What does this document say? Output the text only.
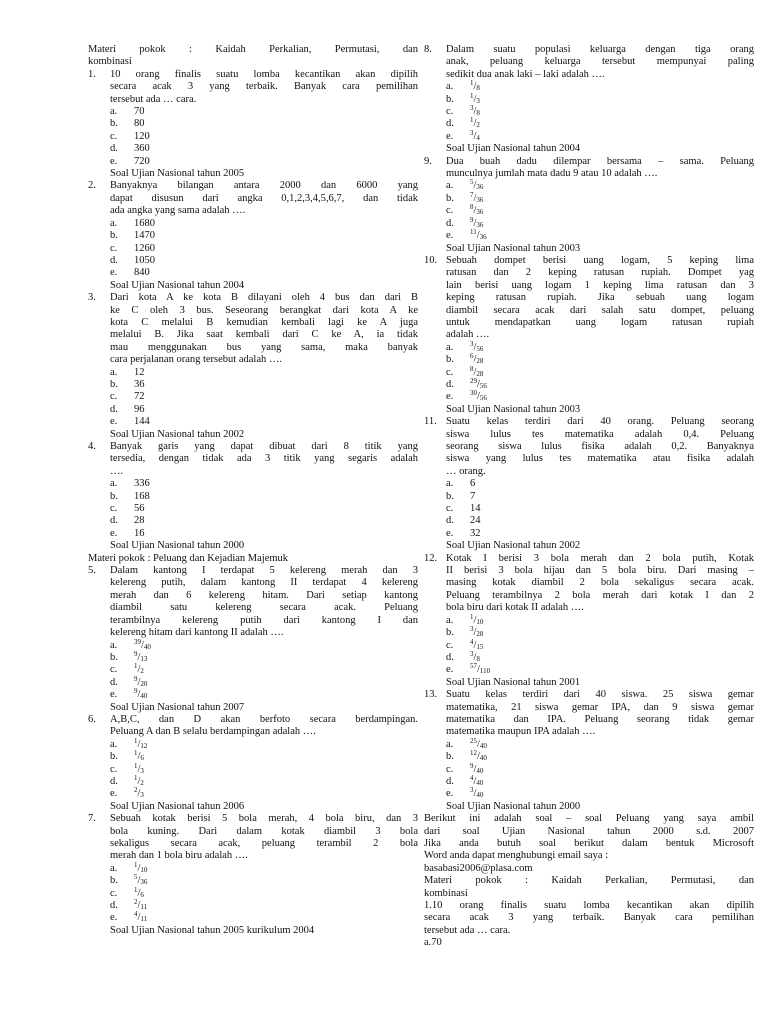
Materi pokok : Kaidah Perkalian, Permutasi, dan
kombinasi
1. 10 orang finalis suatu lomba kecantikan akan dipilih
secara acak 3 yang terbaik. Banyak cara pemilihan
tersebut ada … cara.
a. 70
b. 80
c. 120
d. 360
e. 720
Soal Ujian Nasional tahun 2005
2. Banyaknya bilangan antara 2000 dan 6000 yang
dapat disusun dari angka 0,1,2,3,4,5,6,7, dan tidak
ada angka yang sama adalah ….
a. 1680
b. 1470
c. 1260
d. 1050
e. 840
Soal Ujian Nasional tahun 2004
3. Dari kota A ke kota B dilayani oleh 4 bus dan dari B
ke C oleh 3 bus. Seseorang berangkat dari kota A ke
kota C melalui B kemudian kembali lagi ke A juga
melalui B. Jika saat kembali dari C ke A, ia tidak
mau menggunakan bus yang sama, maka banyak
cara perjalanan orang tersebut adalah ….
a. 12
b. 36
c. 72
d. 96
e. 144
Soal Ujian Nasional tahun 2002
4. Banyak garis yang dapat dibuat dari 8 titik yang
tersedia, dengan tidak ada 3 titik yang segaris adalah
….
a. 336
b. 168
c. 56
d. 28
e. 16
Soal Ujian Nasional tahun 2000
Materi pokok : Peluang dan Kejadian Majemuk
5. Dalam kantong I terdapat 5 kelereng merah dan 3
kelereng putih, dalam kantong II terdapat 4 kelereng
merah dan 6 kelereng hitam. Dari setiap kantong
diambil satu kelereng secara acak. Peluang
terambilnya kelereng putih dari kantong I dan
kelereng hitam dari kantong II adalah ….
a. $^{39}/_{40}$
b. $^9/_{13}$
c. $^1/_2$
d. $^9/_{20}$
e. $^9/_{40}$
Soal Ujian Nasional tahun 2007
6. A,B,C, dan D akan berfoto secara berdampingan.
Peluang A dan B selalu berdampingan adalah ….
a. $^1/_{12}$
b. $^1/_6$
c. $^1/_3$
d. $^1/_2$
e. $^2/_3$
Soal Ujian Nasional tahun 2006
7. Sebuah kotak berisi 5 bola merah, 4 bola biru, dan 3
bola kuning. Dari dalam kotak diambil 3 bola
sekaligus secara acak, peluang terambil 2 bola
merah dan 1 bola biru adalah ….
a. $^1/_{10}$
b. $^5/_{36}$
c. $^1/_6$
d. $^2/_{11}$
e. $^4/_{11}$
Soal Ujian Nasional tahun 2005 kurikulum 2004
8. Dalam suatu populasi keluarga dengan tiga orang
anak, peluang keluarga tersebut mempunyai paling
sedikit dua anak laki – laki adalah ….
a. $^1/_8$
b. $^1/_3$
c. $^3/_8$
d. $^1/_2$
e. $^3/_4$
Soal Ujian Nasional tahun 2004
9. Dua buah dadu dilempar bersama – sama. Peluang
munculnya jumlah mata dadu 9 atau 10 adalah ….
a. $^5/_{36}$
b. $^7/_{36}$
c. $^8/_{36}$
d. $^9/_{36}$
e. $^{11}/_{36}$
Soal Ujian Nasional tahun 2003
10. Sebuah dompet berisi uang logam, 5 keping lima
ratusan dan 2 keping ratusan rupiah. Dompet yag
lain berisi uang logam 1 keping lima ratusan dan 3
keping ratusan rupiah. Jika sebuah uang logam
diambil secara acak dari salah satu dompet, peluang
untuk mendapatkan uang logam ratusan rupiah
adalah ….
a. $^3/_{56}$
b. $^6/_{28}$
c. $^8/_{28}$
d. $^{29}/_{56}$
e. $^{30}/_{56}$
Soal Ujian Nasional tahun 2003
11. Suatu kelas terdiri dari 40 orang. Peluang seorang
siswa lulus tes matematika adalah 0,4. Peluang
seorang siswa lulus fisika adalah 0,2. Banyaknya
siswa yang lulus tes matematika atau fisika adalah
… orang.
a. 6
b. 7
c. 14
d. 24
e. 32
Soal Ujian Nasional tahun 2002
12. Kotak I berisi 3 bola merah dan 2 bola putih, Kotak
II berisi 3 bola hijau dan 5 bola biru. Dari masing –
masing kotak diambil 2 bola sekaligus secara acak.
Peluang terambilnya 2 bola merah dari kotak I dan 2
bola biru dari kotak II adalah ….
a. $^1/_{10}$
b. $^3/_{28}$
c. $^4/_{15}$
d. $^3/_8$
e. $^{57}/_{110}$
Soal Ujian Nasional tahun 2001
13. Suatu kelas terdiri dari 40 siswa. 25 siswa gemar
matematika, 21 siswa gemar IPA, dan 9 siswa gemar
matematika dan IPA. Peluang seorang tidak gemar
matematika maupun IPA adalah ….
a. $^{25}/_{40}$
b. $^{12}/_{40}$
c. $^9/_{40}$
d. $^4/_{40}$
e. $^3/_{40}$
Soal Ujian Nasional tahun 2000
Berikut ini adalah soal – soal Peluang yang saya ambil
dari soal Ujian Nasional tahun 2000 s.d. 2007
Jika anda butuh soal berikut dalam bentuk Microsoft
Word anda dapat menghubungi email saya :
basabasi2006@plasa.com
Materi pokok : Kaidah Perkalian, Permutasi, dan
kombinasi
1.10 orang finalis suatu lomba kecantikan akan dipilih
secara acak 3 yang terbaik. Banyak cara pemilihan
tersebut ada … cara.
a.70
